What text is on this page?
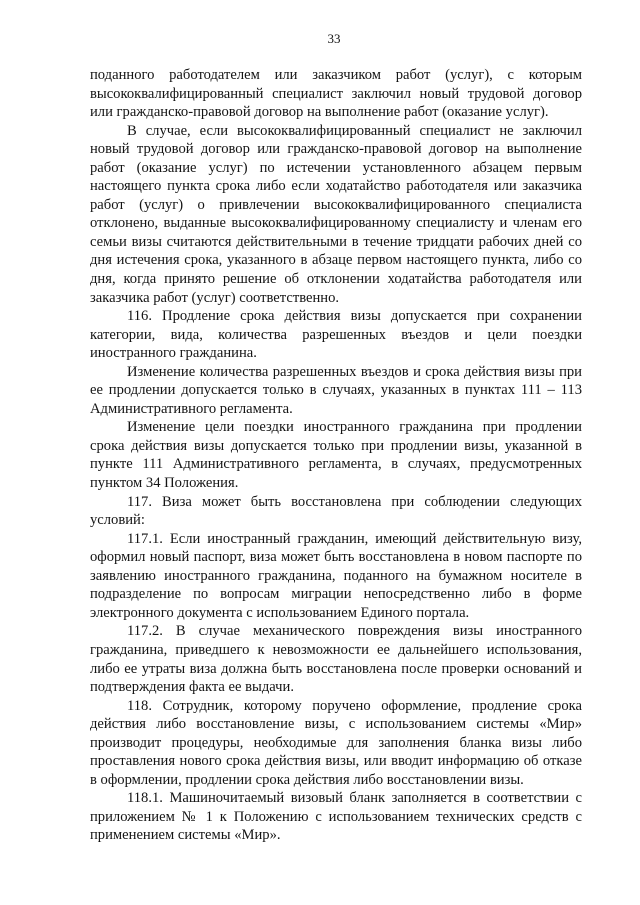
33

поданного работодателем или заказчиком работ (услуг), с которым высококвалифицированный специалист заключил новый трудовой договор или гражданско-правовой договор на выполнение работ (оказание услуг).

В случае, если высококвалифицированный специалист не заключил новый трудовой договор или гражданско-правовой договор на выполнение работ (оказание услуг) по истечении установленного абзацем первым настоящего пункта срока либо если ходатайство работодателя или заказчика работ (услуг) о привлечении высококвалифицированного специалиста отклонено, выданные высококвалифицированному специалисту и членам его семьи визы считаются действительными в течение тридцати рабочих дней со дня истечения срока, указанного в абзаце первом настоящего пункта, либо со дня, когда принято решение об отклонении ходатайства работодателя или заказчика работ (услуг) соответственно.

116. Продление срока действия визы допускается при сохранении категории, вида, количества разрешенных въездов и цели поездки иностранного гражданина.

Изменение количества разрешенных въездов и срока действия визы при ее продлении допускается только в случаях, указанных в пунктах 111 – 113 Административного регламента.

Изменение цели поездки иностранного гражданина при продлении срока действия визы допускается только при продлении визы, указанной в пункте 111 Административного регламента, в случаях, предусмотренных пунктом 34 Положения.

117. Виза может быть восстановлена при соблюдении следующих условий:

117.1. Если иностранный гражданин, имеющий действительную визу, оформил новый паспорт, виза может быть восстановлена в новом паспорте по заявлению иностранного гражданина, поданного на бумажном носителе в подразделение по вопросам миграции непосредственно либо в форме электронного документа с использованием Единого портала.

117.2. В случае механического повреждения визы иностранного гражданина, приведшего к невозможности ее дальнейшего использования, либо ее утраты виза должна быть восстановлена после проверки оснований и подтверждения факта ее выдачи.

118. Сотрудник, которому поручено оформление, продление срока действия либо восстановление визы, с использованием системы «Мир» производит процедуры, необходимые для заполнения бланка визы либо проставления нового срока действия визы, или вводит информацию об отказе в оформлении, продлении срока действия либо восстановлении визы.

118.1. Машиночитаемый визовый бланк заполняется в соответствии с приложением № 1 к Положению с использованием технических средств с применением системы «Мир».
